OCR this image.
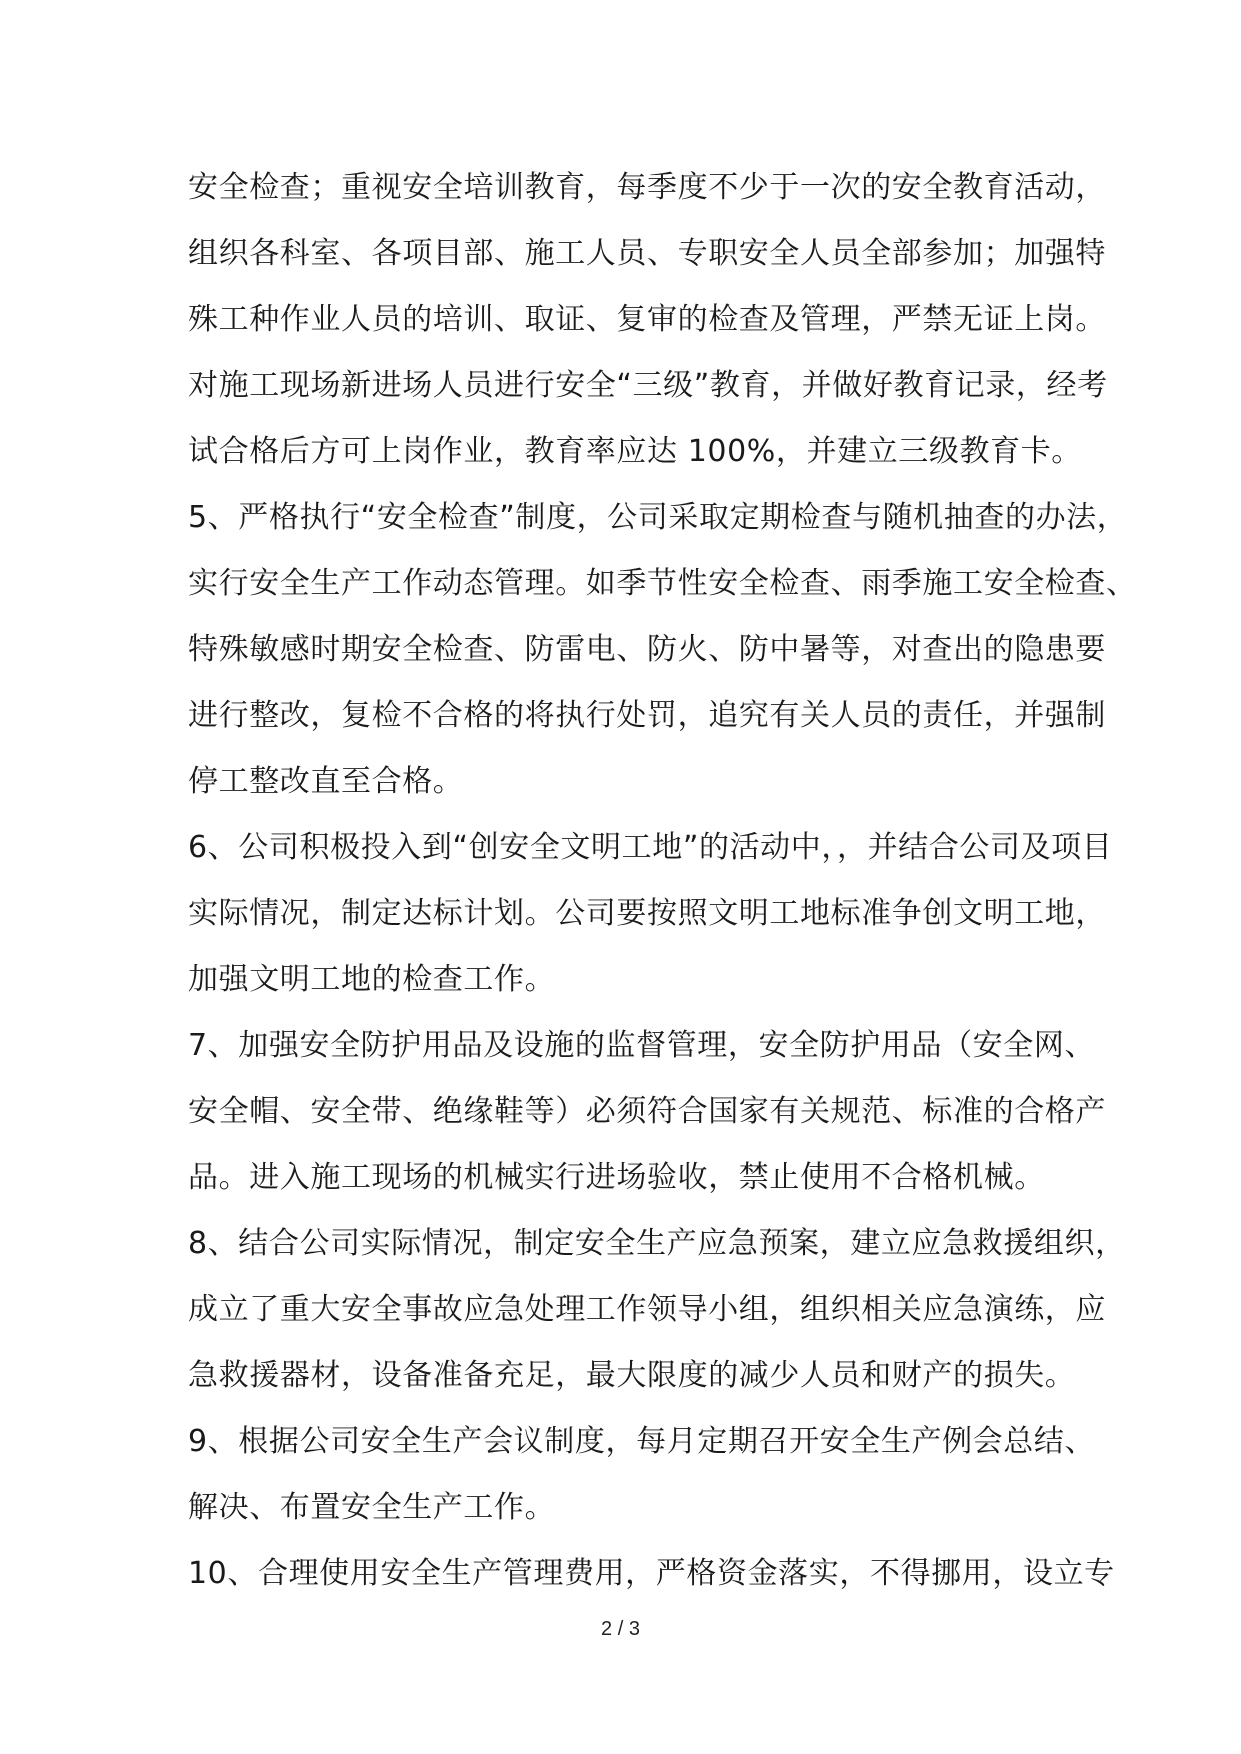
安全检查；重视安全培训教育，每季度不少于一次的安全教育活动，
组织各科室、各项目部、施工人员、专职安全人员全部参加；加强特
殊工种作业人员的培训、取证、复审的检查及管理，严禁无证上岗。
对施工现场新进场人员进行安全“三级”教育，并做好教育记录，经考
试合格后方可上岗作业，教育率应达 100%，并建立三级教育卡。
5、严格执行“安全检查”制度，公司采取定期检查与随机抽查的办法，
实行安全生产工作动态管理。如季节性安全检查、雨季施工安全检查、
特殊敏感时期安全检查、防雷电、防火、防中暑等，对查出的隐患要
进行整改，复检不合格的将执行处罚，追究有关人员的责任，并强制
停工整改直至合格。
6、公司积极投入到“创安全文明工地”的活动中，，并结合公司及项目
实际情况，制定达标计划。公司要按照文明工地标准争创文明工地，
加强文明工地的检查工作。
7、加强安全防护用品及设施的监督管理，安全防护用品（安全网、
安全帽、安全带、绝缘鞋等）必须符合国家有关规范、标准的合格产
品。进入施工现场的机械实行进场验收，禁止使用不合格机械。
8、结合公司实际情况，制定安全生产应急预案，建立应急救援组织，
成立了重大安全事故应急处理工作领导小组，组织相关应急演练，应
急救援器材，设备准备充足，最大限度的减少人员和财产的损失。
9、根据公司安全生产会议制度，每月定期召开安全生产例会总结、
解决、布置安全生产工作。
10、合理使用安全生产管理费用，严格资金落实，不得挪用，设立专
2 / 3
